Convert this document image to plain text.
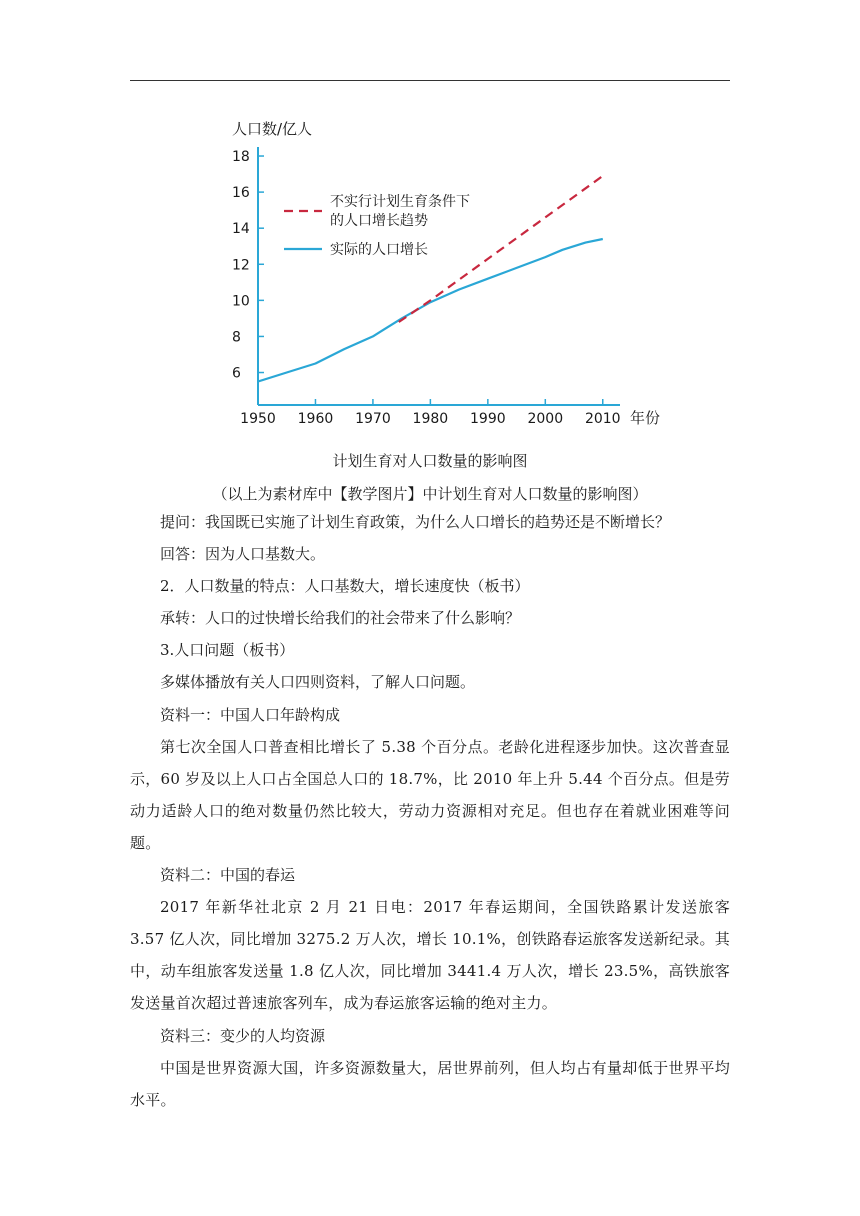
6
8
10
12
14
16
18
1950 1960 1970 1980 1990 2000 2010
人口数/亿人
年份
不实行计划生育条件下
的人口增长趋势
实际的人口增长
计划生育对人口数量的影响图
（以上为素材库中【教学图片】中计划生育对人口数量的影响图）

提问：我国既已实施了计划生育政策，为什么人口增长的趋势还是不断增长？

回答：因为人口基数大。

2．人口数量的特点：人口基数大，增长速度快（板书）

承转：人口的过快增长给我们的社会带来了什么影响？

3.人口问题（板书）

多媒体播放有关人口四则资料，了解人口问题。

资料一：中国人口年龄构成

第七次全国人口普查相比增长了 5.38 个百分点。老龄化进程逐步加快。这次普查显示，60 岁及以上人口占全国总人口的 18.7%，比 2010 年上升 5.44 个百分点。但是劳动力适龄人口的绝对数量仍然比较大，劳动力资源相对充足。但也存在着就业困难等问题。

资料二：中国的春运

2017 年新华社北京 2 月 21 日电：2017 年春运期间，全国铁路累计发送旅客 3.57 亿人次，同比增加 3275.2 万人次，增长 10.1%，创铁路春运旅客发送新纪录。其中，动车组旅客发送量 1.8 亿人次，同比增加 3441.4 万人次，增长 23.5%，高铁旅客发送量首次超过普速旅客列车，成为春运旅客运输的绝对主力。

资料三：变少的人均资源

中国是世界资源大国，许多资源数量大，居世界前列，但人均占有量却低于世界平均水平。
